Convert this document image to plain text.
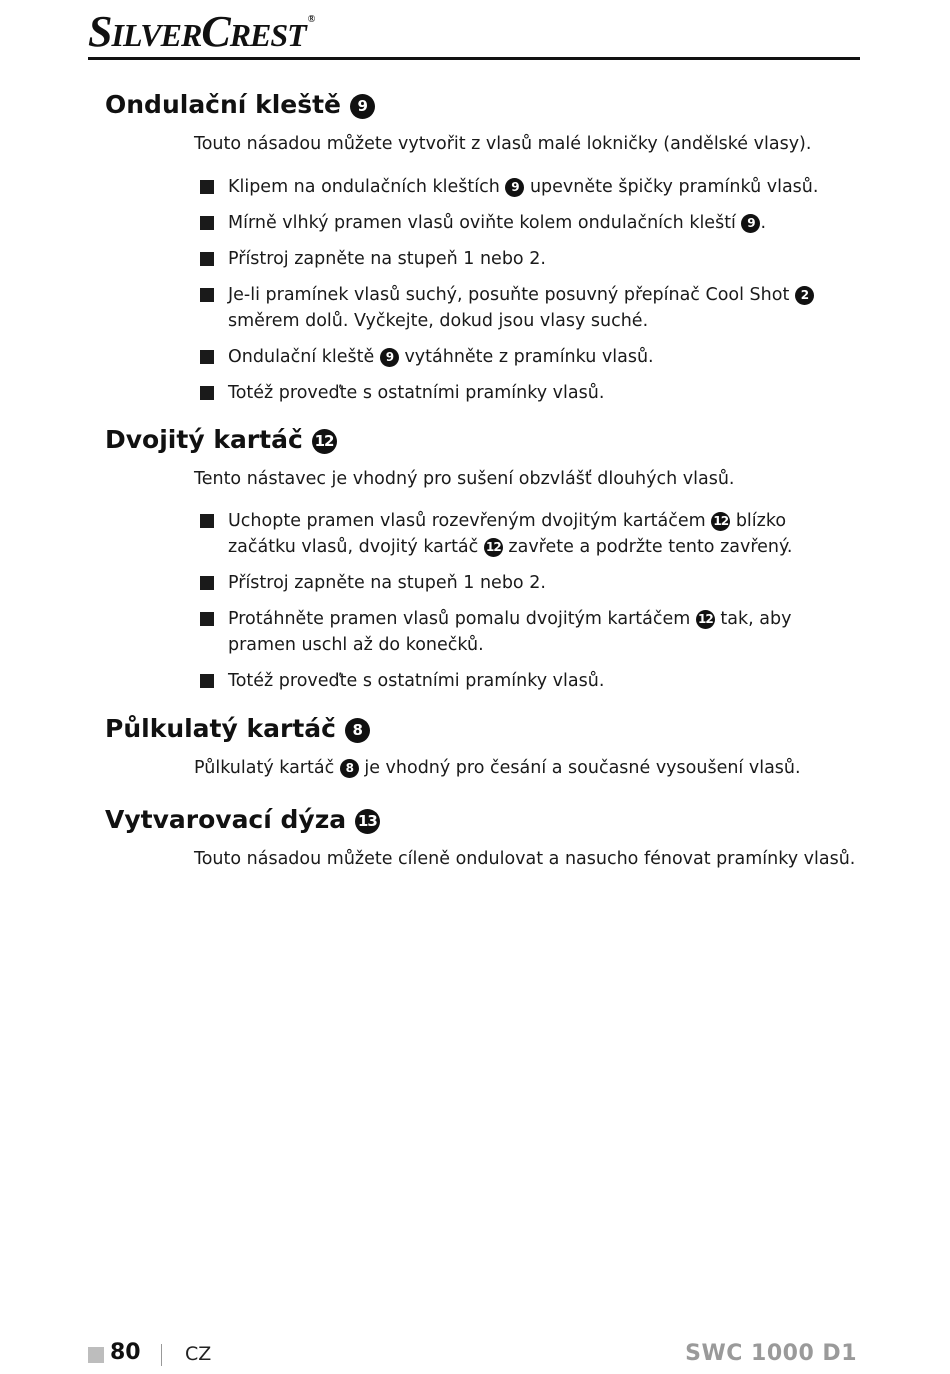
SILVERCREST ®
Ondulační kleště 9

Touto násadou můžete vytvořit z vlasů malé lokničky (andělské vlasy).

Klipem na ondulačních kleštích 9 upevněte špičky pramínků vlasů.
Mírně vlhký pramen vlasů oviňte kolem ondulačních kleští 9 .
Přístroj zapněte na stupeň 1 nebo 2.
Je-li pramínek vlasů suchý, posuňte posuvný přepínač Cool Shot 2 směrem dolů. Vyčkejte, dokud jsou vlasy suché.
Ondulační kleště 9 vytáhněte z pramínku vlasů.
Totéž proveďte s ostatními pramínky vlasů.
Dvojitý kartáč 12

Tento nástavec je vhodný pro sušení obzvlášť dlouhých vlasů.

Uchopte pramen vlasů rozevřeným dvojitým kartáčem 12 blízko začátku vlasů, dvojitý kartáč 12 zavřete a podržte tento zavřený.
Přístroj zapněte na stupeň 1 nebo 2.
Protáhněte pramen vlasů pomalu dvojitým kartáčem 12 tak, aby pramen uschl až do konečků.
Totéž proveďte s ostatními pramínky vlasů.
Půlkulatý kartáč 8

Půlkulatý kartáč 8 je vhodný pro česání a současné vysoušení vlasů.

Vytvarovací dýza 13

Touto násadou můžete cíleně ondulovat a nasucho fénovat pramínky vlasů.

80 CZ	SWC 1000 D1
